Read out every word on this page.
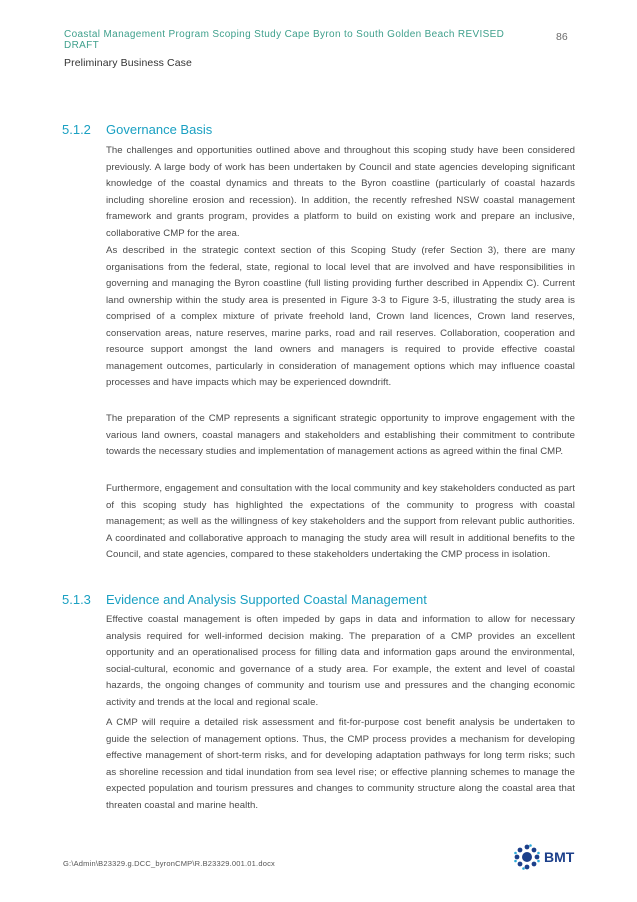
Coastal Management Program Scoping Study Cape Byron to South Golden Beach REVISED DRAFT
Preliminary Business Case
86
5.1.2	Governance Basis

The challenges and opportunities outlined above and throughout this scoping study have been considered previously. A large body of work has been undertaken by Council and state agencies developing significant knowledge of the coastal dynamics and threats to the Byron coastline (particularly of coastal hazards including shoreline erosion and recession). In addition, the recently refreshed NSW coastal management framework and grants program, provides a platform to build on existing work and prepare an inclusive, collaborative CMP for the area.

As described in the strategic context section of this Scoping Study (refer Section 3), there are many organisations from the federal, state, regional to local level that are involved and have responsibilities in governing and managing the Byron coastline (full listing providing further described in Appendix C). Current land ownership within the study area is presented in Figure 3-3 to Figure 3-5, illustrating the study area is comprised of a complex mixture of private freehold land, Crown land licences, Crown land reserves, conservation areas, nature reserves, marine parks, road and rail reserves. Collaboration, cooperation and resource support amongst the land owners and managers is required to provide effective coastal management outcomes, particularly in consideration of management options which may influence coastal processes and have impacts which may be experienced downdrift.

The preparation of the CMP represents a significant strategic opportunity to improve engagement with the various land owners, coastal managers and stakeholders and establishing their commitment to contribute towards the necessary studies and implementation of management actions as agreed within the final CMP.

Furthermore, engagement and consultation with the local community and key stakeholders conducted as part of this scoping study has highlighted the expectations of the community to progress with coastal management; as well as the willingness of key stakeholders and the support from relevant public authorities. A coordinated and collaborative approach to managing the study area will result in additional benefits to the Council, and state agencies, compared to these stakeholders undertaking the CMP process in isolation.

5.1.3	Evidence and Analysis Supported Coastal Management

Effective coastal management is often impeded by gaps in data and information to allow for necessary analysis required for well-informed decision making. The preparation of a CMP provides an excellent opportunity and an operationalised process for filling data and information gaps around the environmental, social-cultural, economic and governance of a study area. For example, the extent and level of coastal hazards, the ongoing changes of community and tourism use and pressures and the changing economic activity and trends at the local and regional scale.

A CMP will require a detailed risk assessment and fit-for-purpose cost benefit analysis be undertaken to guide the selection of management options. Thus, the CMP process provides a mechanism for developing effective management of short-term risks, and for developing adaptation pathways for long term risks; such as shoreline recession and tidal inundation from sea level rise; or effective planning schemes to manage the expected population and tourism pressures and changes to community structure along the coastal area that threaten coastal and marine health.

G:\Admin\B23329.g.DCC_byronCMP\R.B23329.001.01.docx	BMT
